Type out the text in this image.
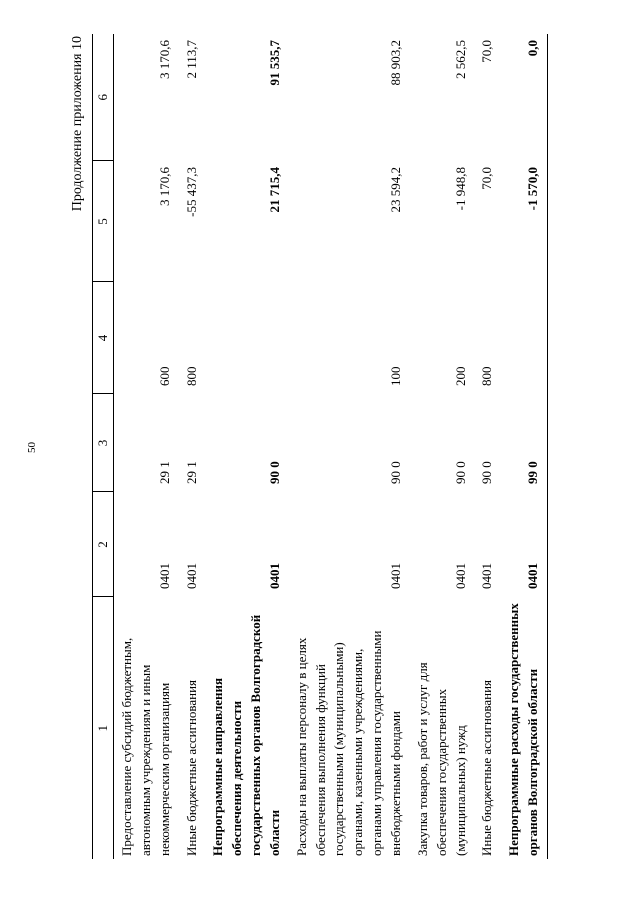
50
Продолжение приложения 10
1	2	3	4	5	6
Предоставление субсидий бюджетным, автономным учреждениям и иным некоммерческим организациям	0401	29 1	600	3 170,6	3 170,6
Иные бюджетные ассигнования	0401	29 1	800	-55 437,3	2 113,7
Непрограммные направления обеспечения деятельности государственных органов Волгоградской области	0401	90 0		21 715,4	91 535,7
Расходы на выплаты персоналу в целях обеспечения выполнения функций государственными (муниципальными) органами, казенными учреждениями, органами управления государственными внебюджетными фондами	0401	90 0	100	23 594,2	88 903,2
Закупка товаров, работ и услуг для обеспечения государственных (муниципальных) нужд	0401	90 0	200	-1 948,8	2 562,5
Иные бюджетные ассигнования	0401	90 0	800	70,0	70,0
Непрограммные расходы государственных органов Волгоградской области	0401	99 0		-1 570,0	0,0
